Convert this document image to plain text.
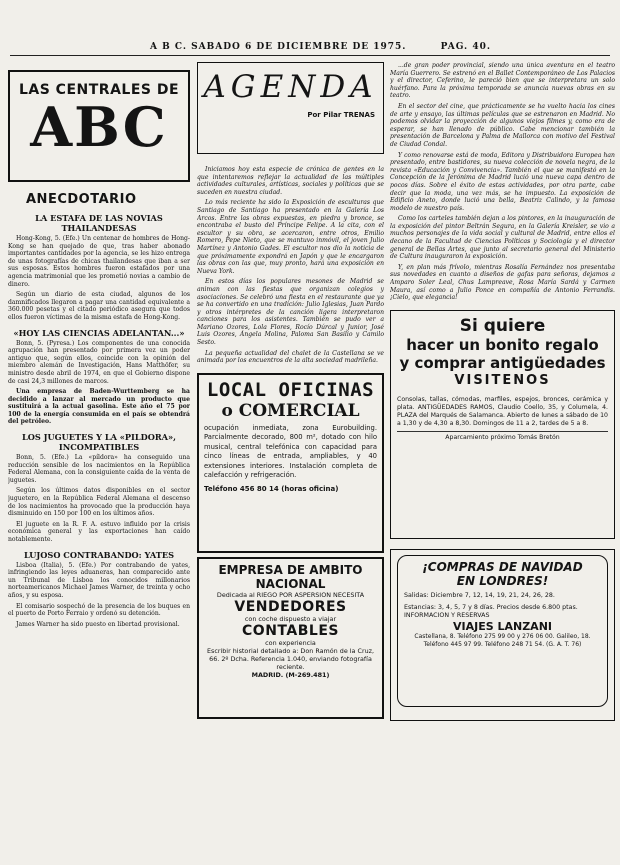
A B C. SABADO 6 DE DICIEMBRE DE 1975.	PAG. 40.
LAS CENTRALES DE
ABC
ANECDOTARIO
LA ESTAFA DE LAS NOVIAS THAILANDESAS

Hong-Kong, 5. (Efe.) Un centenar de hombres de Hong-Kong se han quejado de que, tras haber abonado importantes cantidades por la agencia, se les hizo entrega de unas fotografías de chicas thailandesas que iban a ser sus esposas. Estos hombres fueron estafados por una agencia matrimonial que les prometió novias a cambio de dinero.

Según un diario de esta ciudad, algunos de los damnificados llegaron a pagar una cantidad equivalente a 360.000 pesetas y el citado periódico asegura que todos ellos fueron víctimas de la misma estafa de Hong-Kong.

«HOY LAS CIENCIAS ADELANTAN...»

Bonn, 5. (Pyresa.) Los componentes de una conocida agrupación han presentado por primera vez un poder antiguo que, según ellos, coincide con la opinión del miembro alemán de Investigación, Hans Matthöfer, su ministro desde abril de 1974, en que el Gobierno dispone de casi 24,3 millones de marcos.

Una empresa de Baden-Wurttemberg se ha decidido a lanzar al mercado un producto que sustituirá a la actual gasolina. Este año el 75 por 100 de la energía consumida en el país se obtendrá del petróleo.

LOS JUGUETES Y LA «PILDORA», INCOMPATIBLES

Bonn, 5. (Efe.) La «píldora» ha conseguido una reducción sensible de los nacimientos en la República Federal Alemana, con la consiguiente caída de la venta de juguetes.

Según los últimos datos disponibles en el sector juguetero, en la República Federal Alemana el descenso de los nacimientos ha provocado que la producción haya disminuido en 150 por 100 en los últimos años.

El juguete en la R. F. A. estuvo influido por la crisis económica general y las exportaciones han caído notablemente.

LUJOSO CONTRABANDO: YATES

Lisboa (Italia), 5. (Efe.) Por contrabando de yates, infringiendo las leyes aduaneras, han comparecido ante un Tribunal de Lisboa los conocidos millonarios norteamericanos Michael James Warner, de treinta y ocho años, y su esposa.

El comisario sospechó de la presencia de los buques en el puerto de Porto Ferraio y ordenó su detención.

James Warner ha sido puesto en libertad provisional.

AGENDA
Por Pilar TRENAS

Iniciamos hoy esta especie de crónica de gentes en la que intentaremos reflejar la actualidad de las múltiples actividades culturales, artísticas, sociales y políticas que se suceden en nuestra ciudad.

Lo más reciente ha sido la Exposición de esculturas que Santiago de Santiago ha presentado en la Galería Los Arcos. Entre las obras expuestas, en piedra y bronce, se encontraba el busto del Príncipe Felipe. A la cita, con el escultor y su obra, se acercaron, entre otros, Emilio Romero, Pepe Nieto, que se mantuvo inmóvil, el joven Julio Martínez y Antonio Gades. El escultor nos dio la noticia de que próximamente expondrá en Japón y que le encargaron las obras con las que, muy pronto, hará una exposición en Nueva York.

En estos días los populares mesones de Madrid se animan con las fiestas que organizan colegios y asociaciones. Se celebró una fiesta en el restaurante que ya se ha convertido en una tradición: Julio Iglesias, Juan Pardo y otros intérpretes de la canción ligera interpretaron canciones para los asistentes. También se pudo ver a Mariano Ozores, Lola Flores, Rocío Dúrcal y Junior, José Luis Ozores, Ángela Molina, Paloma San Basilio y Camilo Sesto.

La pequeña actualidad del chalet de la Castellana se ve animada por los encuentros de la alta sociedad madrileña.

LOCAL OFICINAS
o COMERCIAL
ocupación inmediata, zona Eurobuilding. Parcialmente decorado, 800 m², dotado con hilo musical, central telefónica con capacidad para cinco líneas de entrada, ampliables, y 40 extensiones interiores. Instalación completa de calefacción y refrigeración.
Teléfono 456 80 14 (horas oficina)
EMPRESA DE AMBITO NACIONAL
Dedicada al RIEGO POR ASPERSION NECESITA
VENDEDORES
con coche dispuesto a viajar
CONTABLES
con experiencia
Escribir historial detallado a: Don Ramón de la Cruz, 66. 2º Dcha. Referencia 1.040, enviando fotografía reciente.
MADRID. (M-269.481)

...de gran poder provincial, siendo una única aventura en el teatro María Guerrero. Se estrenó en el Ballet Contemporáneo de Los Palacios y el director, Ceferino, le pareció bien que se interpretara un solo huérfano. Para la próxima temporada se anuncia nuevas obras en su teatro.

En el sector del cine, que prácticamente se ha vuelto hacia los cines de arte y ensayo, las últimas películas que se estrenaron en Madrid. No podemos olvidar la proyección de algunos viejos filmes y, como era de esperar, se han llenado de público. Cabe mencionar también la presentación de Barcelona y Palma de Mallorca con motivo del Festival de Ciudad Condal.

Y como renovarse está de moda, Editora y Distribuidora Europea han presentado, entre bastidores, su nueva colección de novela negra, de la revista «Educación y Convivencia». También el que se manifestó en la Concepción de la Jerónima de Madrid lució una nueva capa dentro de pocos días. Sobre el éxito de estas actividades, por otra parte, cabe decir que la moda, una vez más, se ha impuesto. La exposición de Edificio Aneto, donde lució una bella, Beatriz Calindo, y la famosa modelo de nuestro país.

Como los carteles también dejan a los pintores, en la inauguración de la exposición del pintor Beltrán Segura, en la Galería Kreisler, se vio a muchos personajes de la vida social y cultural de Madrid, entre ellos el decano de la Facultad de Ciencias Políticas y Sociología y el director general de Bellas Artes, que junto al secretario general del Ministerio de Cultura inauguraron la exposición.

Y, en plan más frívolo, mientras Rosalía Fernández nos presentaba sus novedades en cuanto a diseños de gafas para señoras, dejamos a Amparo Soler Leal, Chus Lampreave, Rosa María Sardá y Carmen Maura, así como a Julio Ponce en compañía de Antonio Ferrandis. ¡Cielo, que elegancia!

Si quiere
hacer un bonito regalo
y comprar antigüedades
VISITENOS
Consolas, tallas, cómodas, marfiles, espejos, bronces, cerámica y plata. ANTIGÜEDADES RAMOS, Claudio Coello, 35, y Columela, 4. PLAZA del Marqués de Salamanca. Abierto de lunes a sábado de 10 a 1,30 y de 4,30 a 8,30. Domingos de 11 a 2, tardes de 5 a 8.
Aparcamiento próximo Tomás Bretón
¡COMPRAS DE NAVIDAD
EN LONDRES!
Salidas: Diciembre 7, 12, 14, 19, 21, 24, 26, 28.
Estancias: 3, 4, 5, 7 y 8 días. Precios desde 6.800 ptas. INFORMACION Y RESERVAS
VIAJES LANZANI
Castellana, 8. Teléfono 275 99 00 y 276 06 00. Galileo, 18. Teléfono 445 97 99. Teléfono 248 71 54. (G. A. T. 76)
